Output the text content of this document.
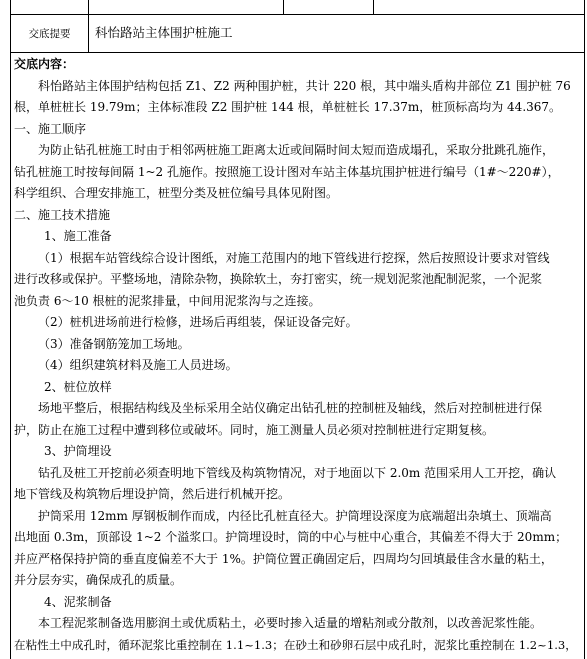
交底提要	科怡路站主体围护桩施工
交底内容：
科怡路站主体围护结构包括 Z1、Z2 两种围护桩，共计 220 根，其中端头盾构井部位 Z1 围护桩 76
根，单桩桩长 19.79m；主体标准段 Z2 围护桩 144 根，单桩桩长 17.37m，桩顶标高均为 44.367。
一、施工顺序
为防止钻孔桩施工时由于相邻两桩施工距离太近或间隔时间太短而造成塌孔，采取分批跳孔施作，
钻孔桩施工时按每间隔 1~2 孔施作。按照施工设计图对车站主体基坑围护桩进行编号（1#～220#），
科学组织、合理安排施工，桩型分类及桩位编号具体见附图。
二、施工技术措施
1、施工准备
（1）根据车站管线综合设计图纸，对施工范围内的地下管线进行挖探，然后按照设计要求对管线
进行改移或保护。平整场地，清除杂物，换除软土，夯打密实，统一规划泥浆池配制泥浆，一个泥浆
池负责 6～10 根桩的泥浆排量，中间用泥浆沟与之连接。
（2）桩机进场前进行检修，进场后再组装，保证设备完好。
（3）准备钢筋笼加工场地。
（4）组织建筑材料及施工人员进场。
2、桩位放样
场地平整后，根据结构线及坐标采用全站仪确定出钻孔桩的控制桩及轴线，然后对控制桩进行保
护，防止在施工过程中遭到移位或破坏。同时，施工测量人员必须对控制桩进行定期复核。
3、护筒埋设
钻孔及桩工开挖前必须查明地下管线及构筑物情况，对于地面以下 2.0m 范围采用人工开挖，确认
地下管线及构筑物后埋设护筒，然后进行机械开挖。
护筒采用 12mm 厚钢板制作而成，内径比孔桩直径大。护筒埋设深度为底端超出杂填土、顶端高
出地面 0.3m，顶部设 1~2 个溢浆口。护筒埋设时，筒的中心与桩中心重合，其偏差不得大于 20mm；
并应严格保持护筒的垂直度偏差不大于 1%。护筒位置正确固定后，四周均匀回填最佳含水量的粘土，
并分层夯实，确保成孔的质量。
4、泥浆制备
本工程泥浆制备选用膨润土或优质粘土，必要时掺入适量的增粘剂或分散剂，以改善泥浆性能。
在粘性土中成孔时，循环泥浆比重控制在 1.1~1.3；在砂土和砂卵石层中成孔时，泥浆比重控制在 1.2~1.3，
